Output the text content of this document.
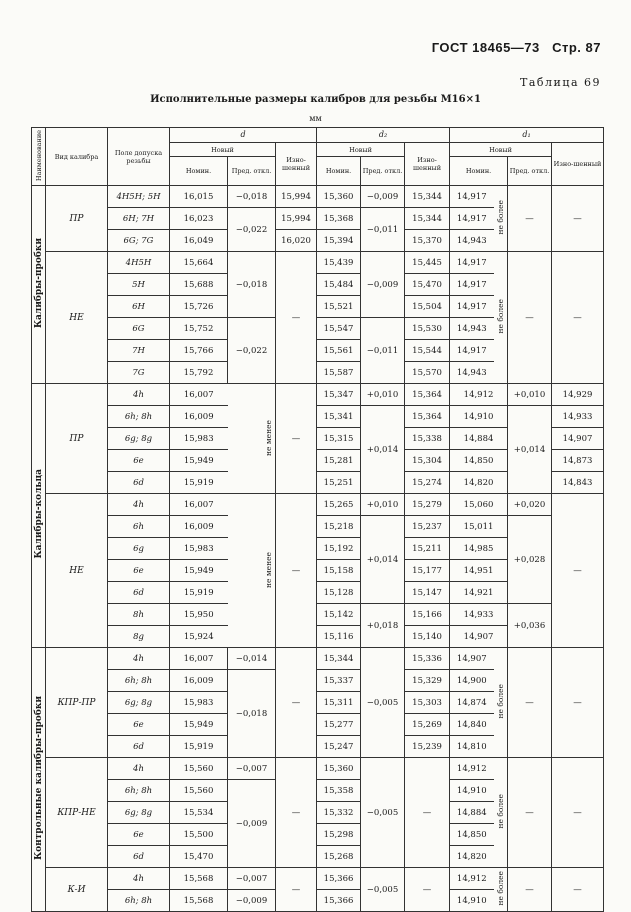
ГОСТ 18465—73 Стр. 87
Таблица 69
Исполнительные размеры калибров для резьбы М16×1
мм
Наименование	Вид калибра	Поле допуска резьбы	d			d₂			d₁			
			Новый		Изно-шенный	Новый		Изно-шенный	Новый			Изно-шенный
			Номин.	Пред. откл.		Номин.	Пред. откл.		Номин.		Пред. откл.	
Калибры-пробки	ПР	4H5H; 5H	16,015	−0,018	15,994	15,360	−0,009	15,344	14,917	не более	—	—
		6H; 7H	16,023	−0,022	15,994	15,368	−0,011	15,344	14,917			
		6G; 7G	16,049		16,020	15,394		15,370	14,943			
	НЕ	4H5H	15,664	−0,018	—	15,439	−0,009	15,445	14,917	не более	—	—
		5H	15,688			15,484		15,470	14,917			
		6H	15,726			15,521		15,504	14,917			
		6G	15,752	−0,022		15,547	−0,011	15,530	14,943			
		7H	15,766			15,561		15,544	14,917			
		7G	15,792			15,587		15,570	14,943			
Калибры-кольца	ПР	4h	16,007	не менее	—	15,347	+0,010	15,364	14,912		+0,010	14,929
		6h; 8h	16,009			15,341	+0,014	15,364	14,910		+0,014	14,933
		6g; 8g	15,983			15,315		15,338	14,884			14,907
		6e	15,949			15,281		15,304	14,850			14,873
		6d	15,919			15,251		15,274	14,820			14,843
	НЕ	4h	16,007	не менее	—	15,265	+0,010	15,279	15,060		+0,020	—
		6h	16,009			15,218	+0,014	15,237	15,011		+0,028	
		6g	15,983			15,192		15,211	14,985			
		6e	15,949			15,158		15,177	14,951			
		6d	15,919			15,128		15,147	14,921			
		8h	15,950			15,142	+0,018	15,166	14,933		+0,036	
		8g	15,924			15,116		15,140	14,907			
Контрольные калибры-пробки	КПР-ПР	4h	16,007	−0,014	—	15,344	−0,005	15,336	14,907	не более	—	—
		6h; 8h	16,009	−0,018		15,337		15,329	14,900			
		6g; 8g	15,983			15,311		15,303	14,874			
		6e	15,949			15,277		15,269	14,840			
		6d	15,919			15,247		15,239	14,810			
	КПР-НЕ	4h	15,560	−0,007	—	15,360	−0,005	—	14,912	не более	—	—
		6h; 8h	15,560	−0,009		15,358			14,910			
		6g; 8g	15,534			15,332			14,884			
		6e	15,500			15,298			14,850			
		6d	15,470			15,268			14,820			
	К-И	4h	15,568	−0,007	—	15,366	−0,005	—	14,912	не более	—	—
		6h; 8h	15,568	−0,009		15,366			14,910			
